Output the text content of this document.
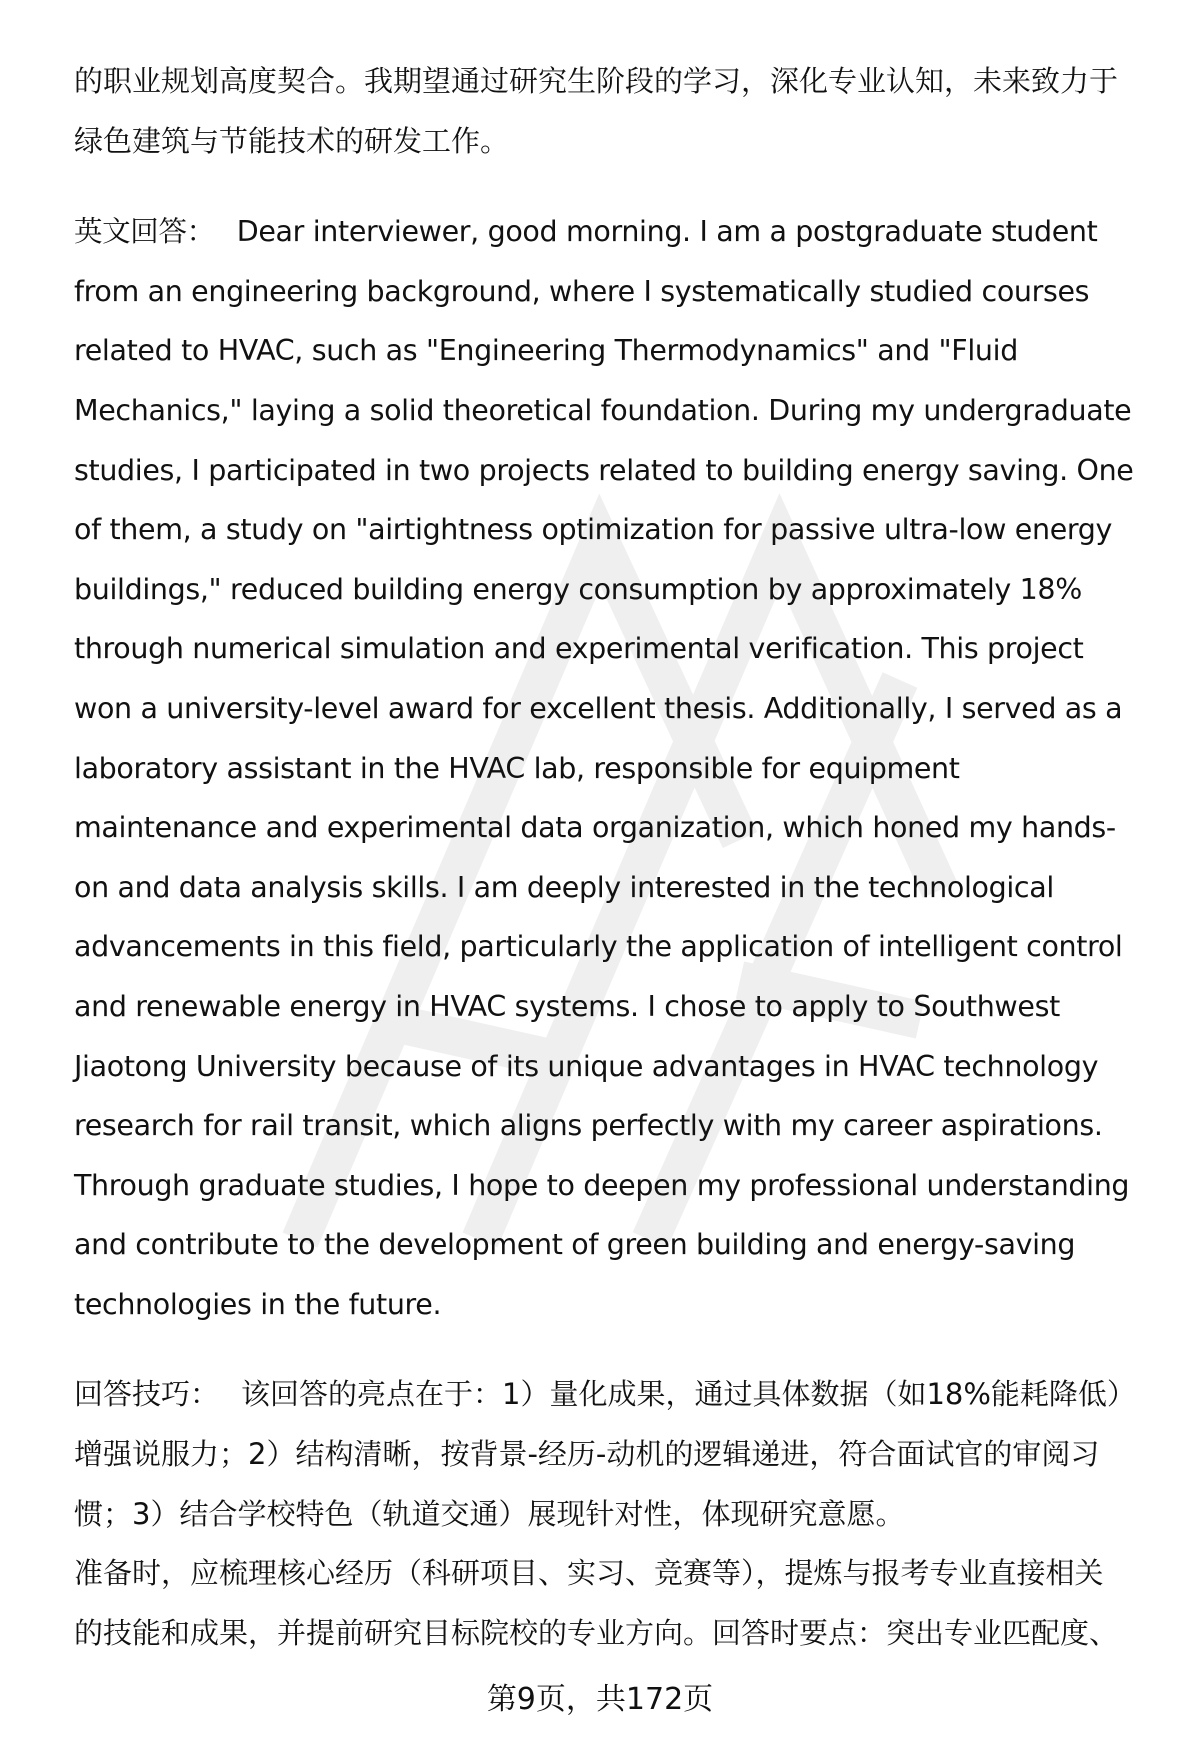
的职业规划高度契合。我期望通过研究生阶段的学习，深化专业认知，未来致力于
绿色建筑与节能技术的研发工作。
英文回答： Dear interviewer, good morning. I am a postgraduate student
from an engineering background, where I systematically studied courses
related to HVAC, such as "Engineering Thermodynamics" and "Fluid
Mechanics," laying a solid theoretical foundation. During my undergraduate
studies, I participated in two projects related to building energy saving. One
of them, a study on "airtightness optimization for passive ultra-low energy
buildings," reduced building energy consumption by approximately 18%
through numerical simulation and experimental verification. This project
won a university-level award for excellent thesis. Additionally, I served as a
laboratory assistant in the HVAC lab, responsible for equipment
maintenance and experimental data organization, which honed my hands-
on and data analysis skills. I am deeply interested in the technological
advancements in this field, particularly the application of intelligent control
and renewable energy in HVAC systems. I chose to apply to Southwest
Jiaotong University because of its unique advantages in HVAC technology
research for rail transit, which aligns perfectly with my career aspirations.
Through graduate studies, I hope to deepen my professional understanding
and contribute to the development of green building and energy-saving
technologies in the future.
回答技巧： 该回答的亮点在于：1）量化成果，通过具体数据（如18%能耗降低）
增强说服力；2）结构清晰，按背景-经历-动机的逻辑递进，符合面试官的审阅习
惯；3）结合学校特色（轨道交通）展现针对性，体现研究意愿。
准备时，应梳理核心经历（科研项目、实习、竞赛等），提炼与报考专业直接相关
的技能和成果，并提前研究目标院校的专业方向。回答时要点：突出专业匹配度、
第9页，共172页
